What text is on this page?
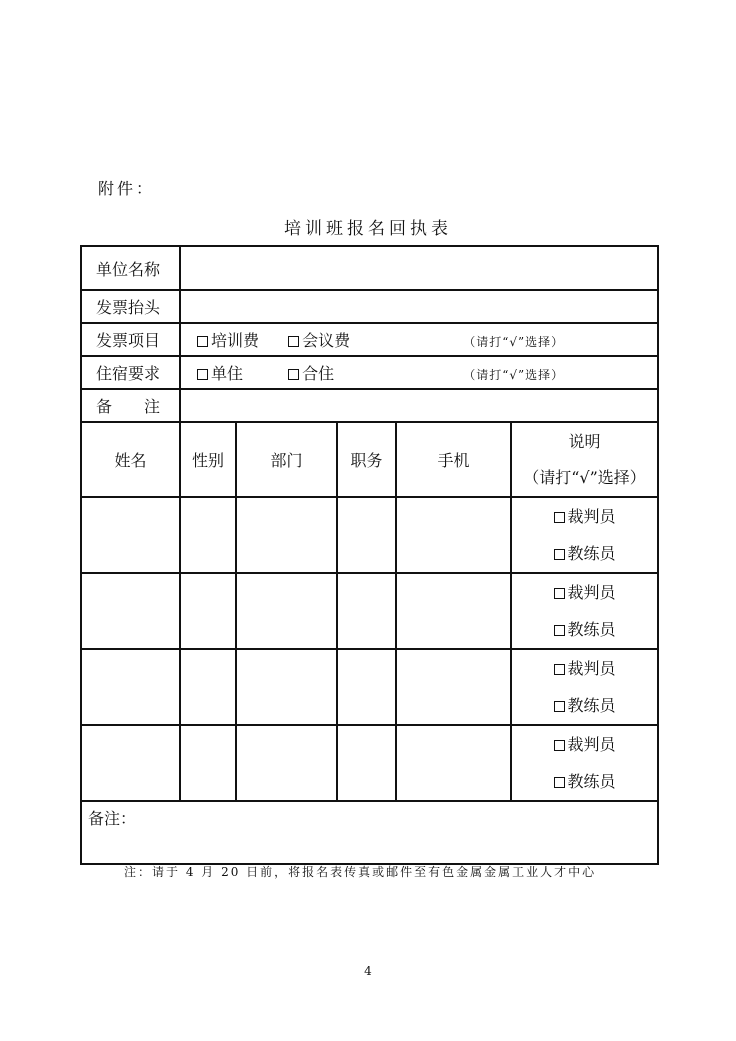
附件：
培训班报名回执表
单位名称					
发票抬头					
发票项目	培训费 会议费 （请打“√”选择）				
住宿要求	单住 合住 （请打“√”选择）				
备　　注					
姓名	性别	部门	职务	手机	说明
（请打“√”选择）

					裁判员
教练员

					裁判员
教练员

					裁判员
教练员

					裁判员
教练员

备注：					
注：请于 4 月 20 日前，将报名表传真或邮件至有色金属金属工业人才中心
4
